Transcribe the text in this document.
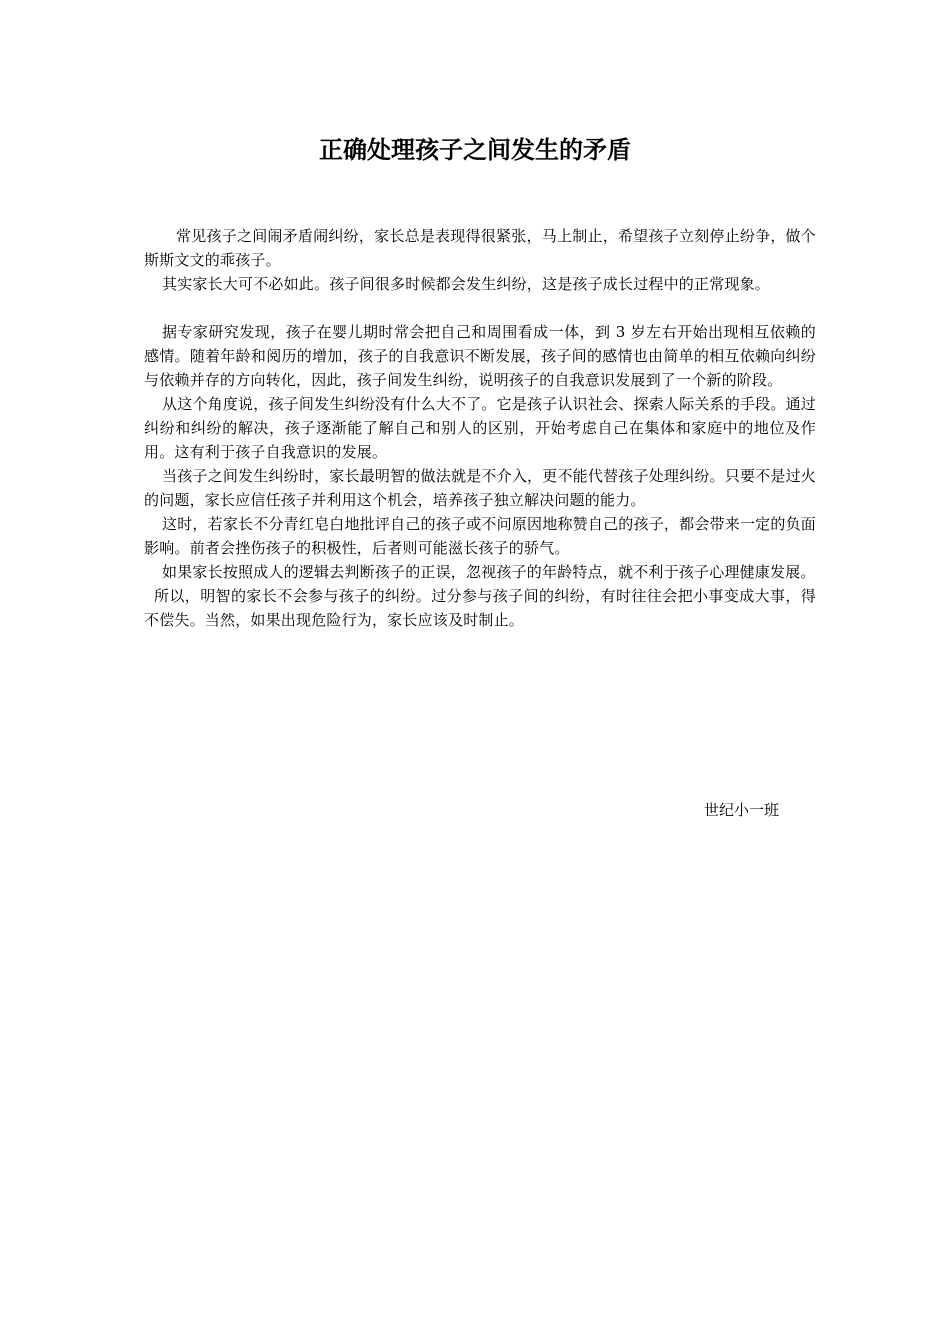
正确处理孩子之间发生的矛盾

常见孩子之间闹矛盾闹纠纷，家长总是表现得很紧张，马上制止，希望孩子立刻停止纷争，做个斯斯文文的乖孩子。

其实家长大可不必如此。孩子间很多时候都会发生纠纷，这是孩子成长过程中的正常现象。

据专家研究发现，孩子在婴儿期时常会把自己和周围看成一体，到 3 岁左右开始出现相互依赖的感情。随着年龄和阅历的增加，孩子的自我意识不断发展，孩子间的感情也由简单的相互依赖向纠纷与依赖并存的方向转化，因此，孩子间发生纠纷，说明孩子的自我意识发展到了一个新的阶段。

从这个角度说，孩子间发生纠纷没有什么大不了。它是孩子认识社会、探索人际关系的手段。通过纠纷和纠纷的解决，孩子逐渐能了解自己和别人的区别，开始考虑自己在集体和家庭中的地位及作用。这有利于孩子自我意识的发展。

当孩子之间发生纠纷时，家长最明智的做法就是不介入，更不能代替孩子处理纠纷。只要不是过火的问题，家长应信任孩子并利用这个机会，培养孩子独立解决问题的能力。

这时，若家长不分青红皂白地批评自己的孩子或不问原因地称赞自己的孩子，都会带来一定的负面影响。前者会挫伤孩子的积极性，后者则可能滋长孩子的骄气。

如果家长按照成人的逻辑去判断孩子的正误，忽视孩子的年龄特点，就不利于孩子心理健康发展。

所以，明智的家长不会参与孩子的纠纷。过分参与孩子间的纠纷，有时往往会把小事变成大事，得不偿失。当然，如果出现危险行为，家长应该及时制止。

世纪小一班
